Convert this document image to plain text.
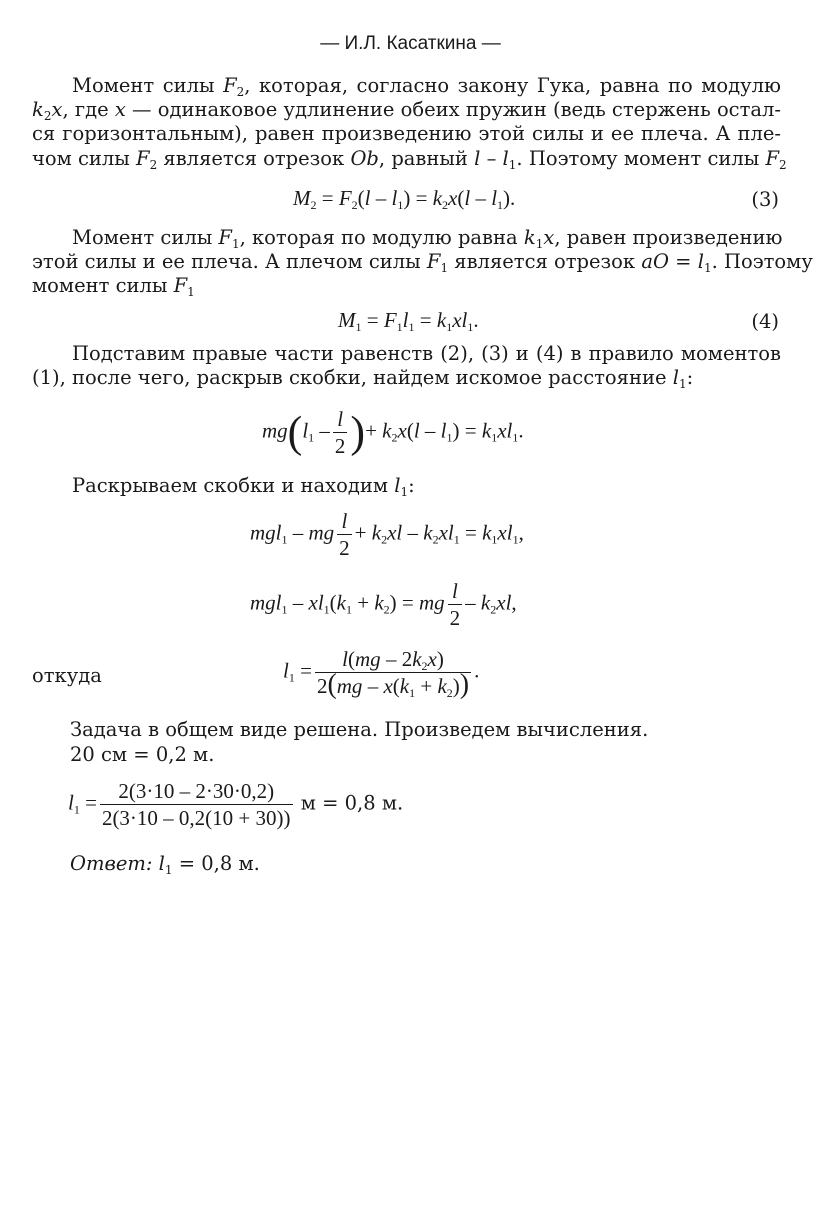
— И.Л. Касаткина —
Момент силы $F_2$, которая, согласно закону Гука, равна по модулю
$k_2x$, где x — одинаковое удлинение обеих пружин (ведь стержень остал-
ся горизонтальным), равен произведению этой силы и ее плеча. А пле-
чом силы $F_2$ является отрезок Ob, равный l – $l_1$. Поэтому момент силы $F_2$
$M_2 = F_2(l - l_1) = k_2x(l - l_1)$.	(3)
Момент силы $F_1$, которая по модулю равна $k_1x$, равен произведению
этой силы и ее плеча. А плечом силы $F_1$ является отрезок aO = $l_1$. Поэтому
момент силы $F_1$
$M_1 = F_1l_1 = k_1xl_1$.	(4)
Подставим правые части равенств (2), (3) и (4) в правило моментов
(1), после чего, раскрыв скобки, найдем искомое расстояние $l_1$:
$mg(l_1 - \frac{l}{2}$ )+ $k_2x(l - l_1) = k_1xl_1$.
Раскрываем скобки и находим $l_1$:
mgl$_1$ – mg $\frac{l}{2} + k_2xl - k_2xl_1 = k_1xl_1$,
$mgl_1 - xl_1(k_1 + k_2)$ = mg $\frac{l}{2} - k_2xl$,
откуда	$l_1 = \frac{l(mg - 2k_2x)}{2(mg - x(k_1 + k_2))}$ .
Задача в общем виде решена. Произведем вычисления.
20 см = 0,2 м.
$l_1 = \frac{2(3\cdot 10 - 2\cdot 30\cdot 0,2)}{2(3\cdot 10 - 0,2(10 + 30))}$ м = 0,8 м.
Ответ: $l_1 = 0,8$ м.
